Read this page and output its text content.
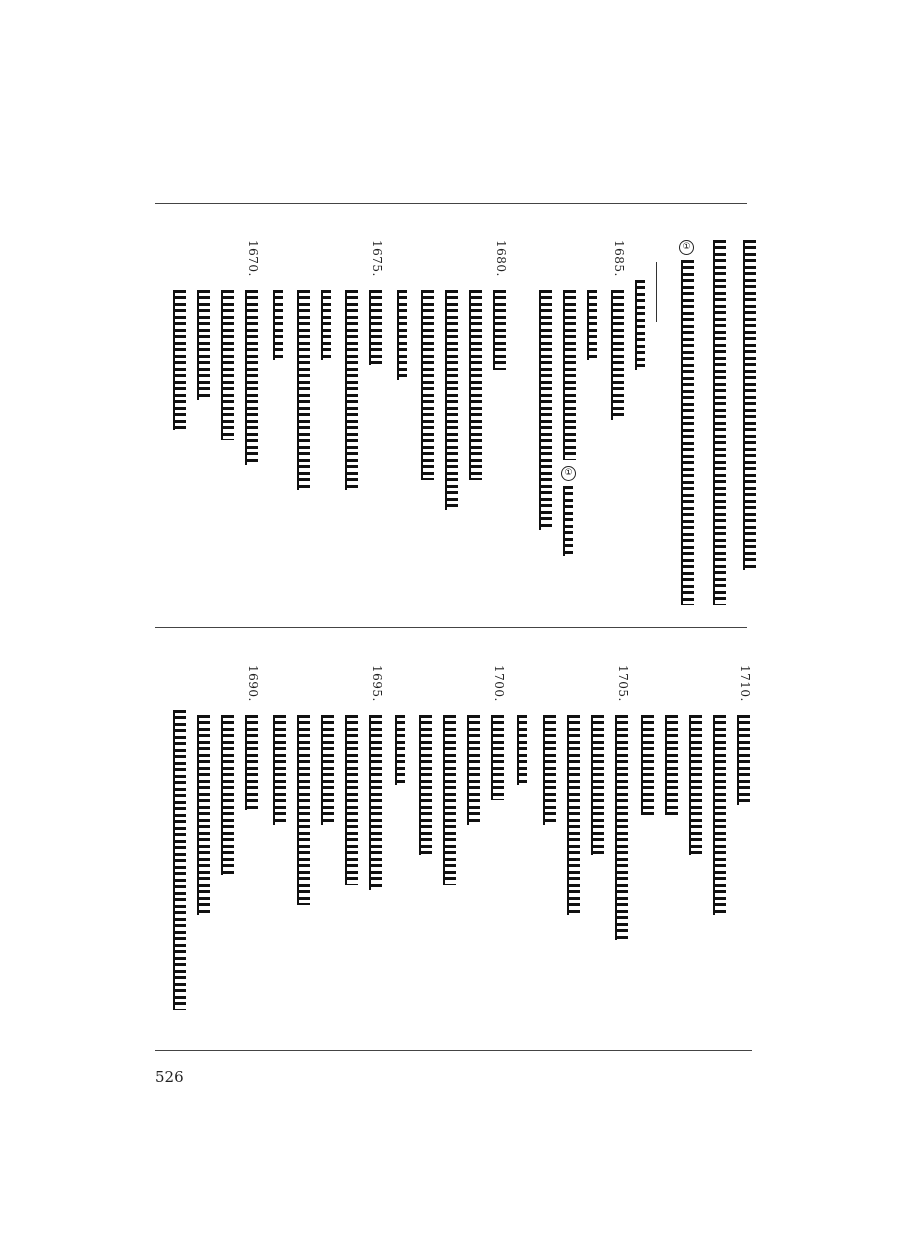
①
1685.
①
1680.
1675.
1670.
1710.
1705.
1700.
1695.
1690.
526
